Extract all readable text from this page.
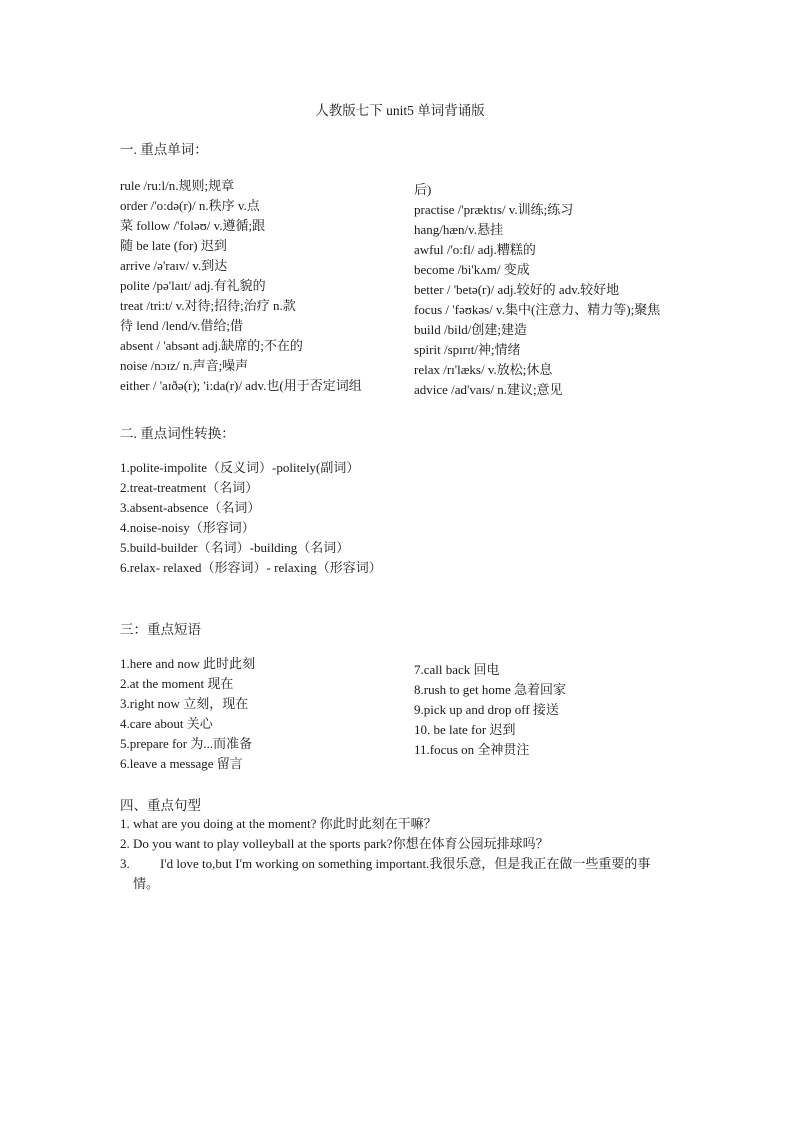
人教版七下 unit5 单词背诵版
一. 重点单词：
rule /ru:l/n.规则;规章
order /'o:də(r)/ n.秩序 v.点
菜 follow /'foləʊ/ v.遵循;跟
随 be late (for) 迟到
arrive /ə'raɪv/ v.到达
polite /pə'laɪt/ adj.有礼貌的
treat /tri:t/ v.对待;招待;治疗 n.款
待 lend /lend/v.借给;借
absent / 'absənt adj.缺席的;不在的
noise /nɔɪz/ n.声音;噪声
either / 'aɪðə(r); 'i:da(r)/ adv.也(用于否定词组
后)
practise /'præktɪs/ v.训练;练习
hang/hæn/v.悬挂
awful /'o:fl/ adj.糟糕的
become /bi'kʌm/ 变成
better / 'betə(r)/ adj.较好的 adv.较好地
focus / 'fəʊkəs/ v.集中(注意力、精力等);聚焦
build /bild/创建;建造
spirit /spɪrɪt/神;情绪
relax /rɪ'læks/ v.放松;休息
advice /ad'vaɪs/ n.建议;意见
二. 重点词性转换：
1.polite-impolite（反义词）-politely(副词）
2.treat-treatment（名词）
3.absent-absence（名词）
4.noise-noisy（形容词）
5.build-builder（名词）-building（名词）
6.relax- relaxed（形容词）- relaxing（形容词）
三：重点短语
1.here and now 此时此刻
2.at the moment 现在
3.right now 立刻，现在
4.care about 关心
5.prepare for 为...而准备
6.leave a message 留言
7.call back 回电
8.rush to get home 急着回家
9.pick up and drop off 接送
10. be late for 迟到
11.focus on 全神贯注
四、重点句型
1. what are you doing at the moment? 你此时此刻在干嘛？
2. Do you want to play volleyball at the sports park?你想在体育公园玩排球吗？
3. I'd love to,but I'm working on something important.我很乐意，但是我正在做一些重要的事
情。
